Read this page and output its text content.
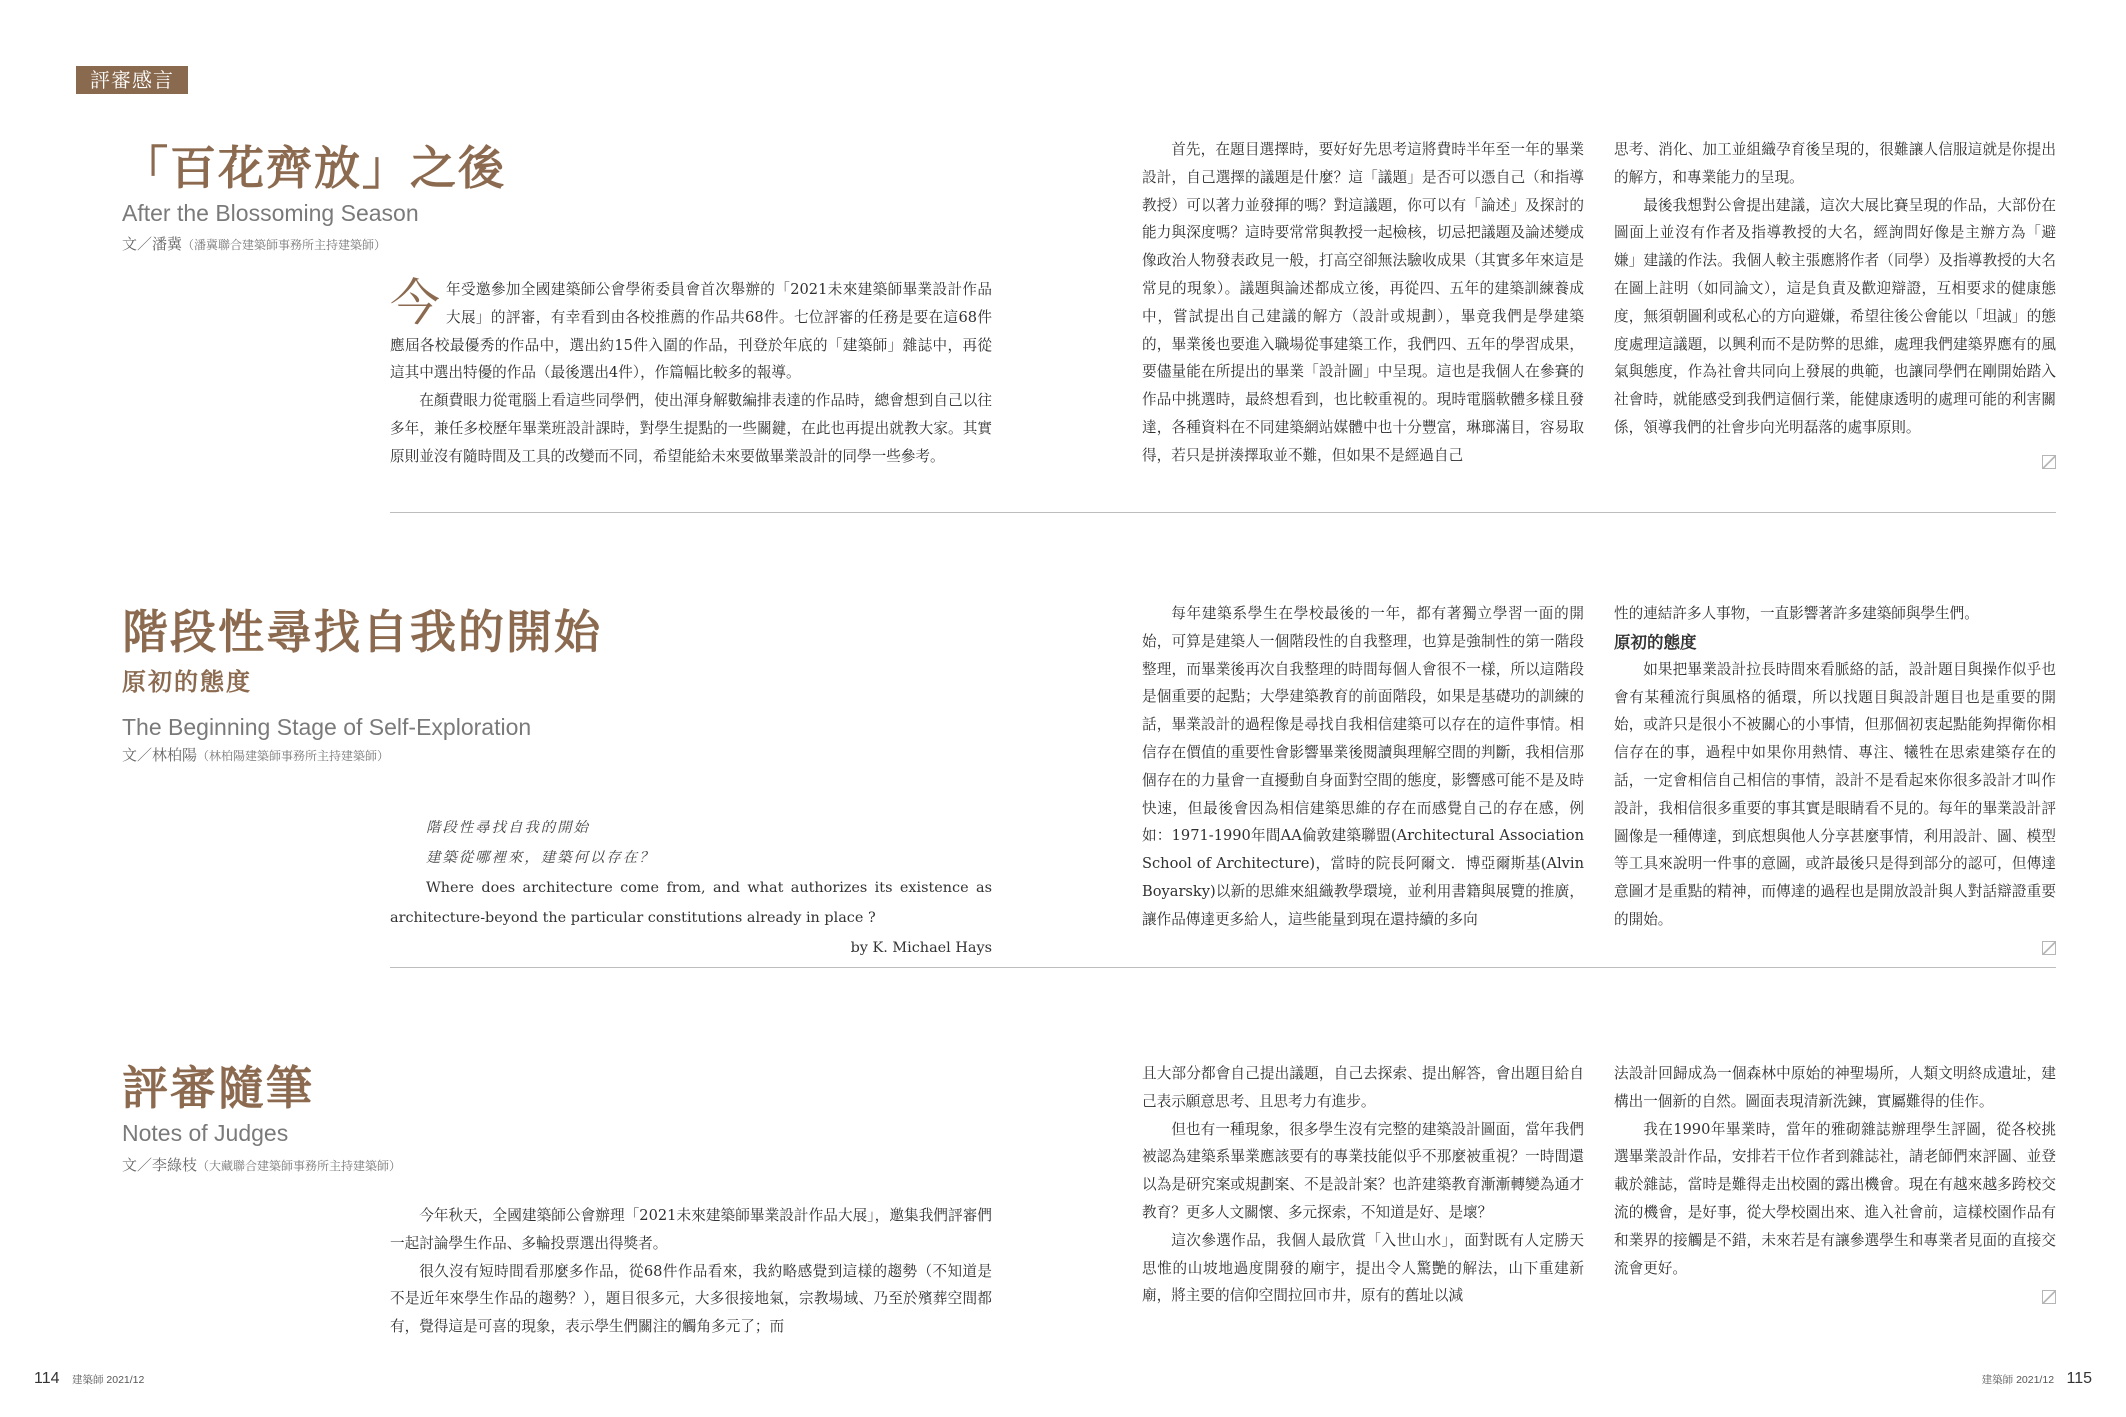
評審感言
「百花齊放」之後
After the Blossoming Season
文／潘冀（潘冀聯合建築師事務所主持建築師）

今年受邀參加全國建築師公會學術委員會首次舉辦的「2021未來建築師畢業設計作品大展」的評審，有幸看到由各校推薦的作品共68件。七位評審的任務是要在這68件應屆各校最優秀的作品中，選出約15件入圍的作品，刊登於年底的「建築師」雜誌中，再從這其中選出特優的作品（最後選出4件），作篇幅比較多的報導。

在顏費眼力從電腦上看這些同學們，使出渾身解數編排表達的作品時，總會想到自己以往多年，兼任多校歷年畢業班設計課時，對學生提點的一些關鍵，在此也再提出就教大家。其實原則並沒有隨時間及工具的改變而不同，希望能給未來要做畢業設計的同學一些參考。

首先，在題目選擇時，要好好先思考這將費時半年至一年的畢業設計，自己選擇的議題是什麼？這「議題」是否可以憑自己（和指導教授）可以著力並發揮的嗎？對這議題，你可以有「論述」及探討的能力與深度嗎？這時要常常與教授一起檢核，切忌把議題及論述變成像政治人物發表政見一般，打高空卻無法驗收成果（其實多年來這是常見的現象）。議題與論述都成立後，再從四、五年的建築訓練養成中，嘗試提出自己建議的解方（設計或規劃），畢竟我們是學建築的，畢業後也要進入職場從事建築工作，我們四、五年的學習成果，要儘量能在所提出的畢業「設計圖」中呈現。這也是我個人在參賽的作品中挑選時，最終想看到，也比較重視的。現時電腦軟體多樣且發達，各種資料在不同建築網站媒體中也十分豐富，琳瑯滿目，容易取得，若只是拼湊擇取並不難，但如果不是經過自己

思考、消化、加工並組織孕育後呈現的，很難讓人信服這就是你提出的解方，和專業能力的呈現。

最後我想對公會提出建議，這次大展比賽呈現的作品，大部份在圖面上並沒有作者及指導教授的大名，經詢問好像是主辦方為「避嫌」建議的作法。我個人較主張應將作者（同學）及指導教授的大名在圖上註明（如同論文），這是負責及歡迎辯證，互相要求的健康態度，無須朝圖利或私心的方向避嫌，希望往後公會能以「坦誠」的態度處理這議題，以興利而不是防弊的思維，處理我們建築界應有的風氣與態度，作為社會共同向上發展的典範，也讓同學們在剛開始踏入社會時，就能感受到我們這個行業，能健康透明的處理可能的利害關係，領導我們的社會步向光明磊落的處事原則。

階段性尋找自我的開始
原初的態度
The Beginning Stage of Self-Exploration
文／林柏陽（林柏陽建築師事務所主持建築師）
階段性尋找自我的開始
建築從哪裡來，建築何以存在？
Where does architecture come from, and what authorizes its existence as architecture-beyond the particular constitutions already in place ?
by K. Michael Hays

每年建築系學生在學校最後的一年，都有著獨立學習一面的開始，可算是建築人一個階段性的自我整理，也算是強制性的第一階段整理，而畢業後再次自我整理的時間每個人會很不一樣，所以這階段是個重要的起點；大學建築教育的前面階段，如果是基礎功的訓練的話，畢業設計的過程像是尋找自我相信建築可以存在的這件事情。相信存在價值的重要性會影響畢業後閱讀與理解空間的判斷，我相信那個存在的力量會一直擾動自身面對空間的態度，影響感可能不是及時快速，但最後會因為相信建築思維的存在而感覺自己的存在感，例如：1971-1990年間AA倫敦建築聯盟(Architectural Association School of Architecture)，當時的院長阿爾文．博亞爾斯基(Alvin Boyarsky)以新的思維來組織教學環境，並利用書籍與展覽的推廣，讓作品傳達更多給人，這些能量到現在還持續的多向

性的連結許多人事物，一直影響著許多建築師與學生們。

原初的態度

如果把畢業設計拉長時間來看脈絡的話，設計題目與操作似乎也會有某種流行與風格的循環，所以找題目與設計題目也是重要的開始，或許只是很小不被關心的小事情，但那個初衷起點能夠捍衛你相信存在的事，過程中如果你用熱情、專注、犧牲在思索建築存在的話，一定會相信自己相信的事情，設計不是看起來你很多設計才叫作設計，我相信很多重要的事其實是眼睛看不見的。每年的畢業設計評圖像是一種傳達，到底想與他人分享甚麼事情，利用設計、圖、模型等工具來說明一件事的意圖，或許最後只是得到部分的認可，但傳達意圖才是重點的精神，而傳達的過程也是開放設計與人對話辯證重要的開始。

評審隨筆
Notes of Judges
文／李綠枝（大藏聯合建築師事務所主持建築師）

今年秋天，全國建築師公會辦理「2021未來建築師畢業設計作品大展」，邀集我們評審們一起討論學生作品、多輪投票選出得獎者。

很久沒有短時間看那麼多作品，從68件作品看來，我約略感覺到這樣的趨勢（不知道是不是近年來學生作品的趨勢？），題目很多元，大多很接地氣，宗教場域、乃至於殯葬空間都有，覺得這是可喜的現象，表示學生們關注的觸角多元了；而

且大部分都會自己提出議題，自己去探索、提出解答，會出題目給自己表示願意思考、且思考力有進步。

但也有一種現象，很多學生沒有完整的建築設計圖面，當年我們被認為建築系畢業應該要有的專業技能似乎不那麼被重視？一時間還以為是研究案或規劃案、不是設計案？也許建築教育漸漸轉變為通才教育？更多人文關懷、多元探索，不知道是好、是壞？

這次參選作品，我個人最欣賞「入世山水」，面對既有人定勝天思惟的山坡地過度開發的廟宇，提出令人驚艷的解法，山下重建新廟，將主要的信仰空間拉回市井，原有的舊址以減

法設計回歸成為一個森林中原始的神聖場所，人類文明終成遺址，建構出一個新的自然。圖面表現清新洗鍊，實屬難得的佳作。

我在1990年畢業時，當年的雅砌雜誌辦理學生評圖，從各校挑選畢業設計作品，安排若干位作者到雜誌社，請老師們來評圖、並登載於雜誌，當時是難得走出校園的露出機會。現在有越來越多跨校交流的機會，是好事，從大學校園出來、進入社會前，這樣校園作品有和業界的接觸是不錯，未來若是有讓參選學生和專業者見面的直接交流會更好。

114 建築師 2021/12	建築師 2021/12 115
